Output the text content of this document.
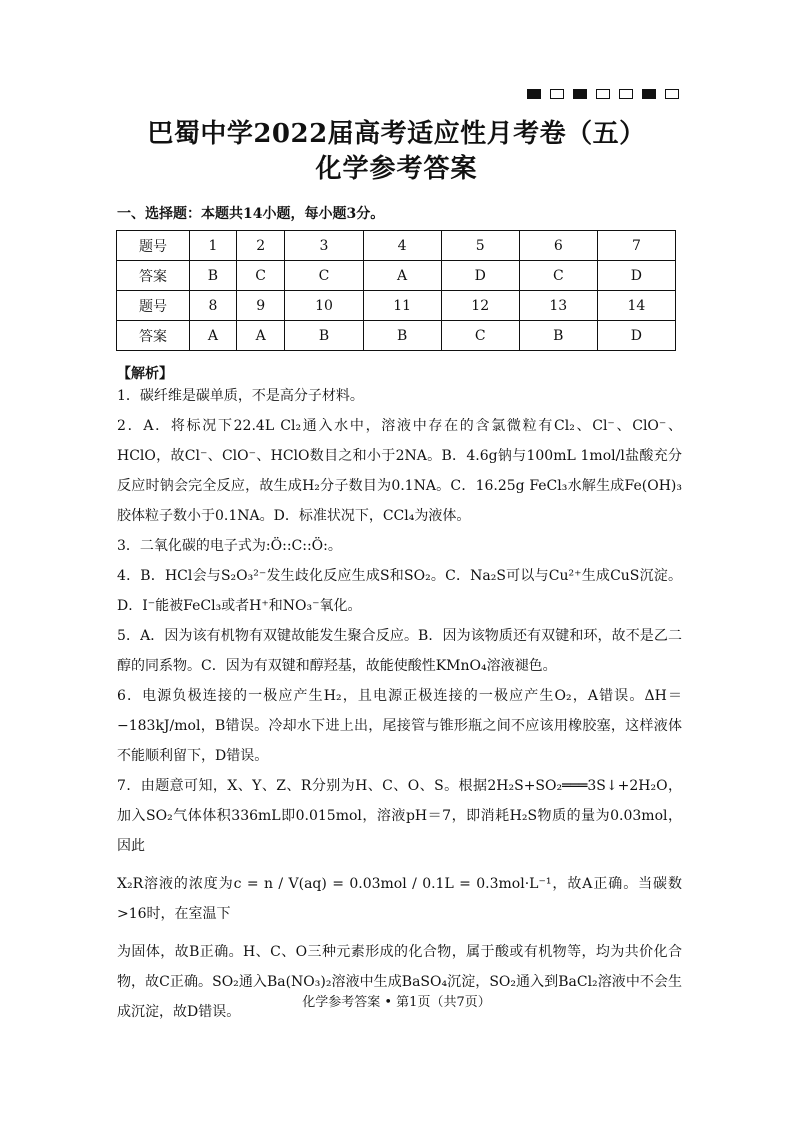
巴蜀中学2022届高考适应性月考卷（五）
化学参考答案
一、选择题：本题共14小题，每小题3分。
题号	1	2	3	4	5	6	7
答案	B	C	C	A	D	C	D
题号	8	9	10	11	12	13	14
答案	A	A	B	B	C	B	D
【解析】

1．碳纤维是碳单质，不是高分子材料。

2．A．将标况下22.4L Cl₂通入水中，溶液中存在的含氯微粒有Cl₂、Cl⁻、ClO⁻、HClO，故Cl⁻、ClO⁻、HClO数目之和小于2NA。B．4.6g钠与100mL 1mol/l盐酸充分反应时钠会完全反应，故生成H₂分子数目为0.1NA。C．16.25g FeCl₃水解生成Fe(OH)₃胶体粒子数小于0.1NA。D．标准状况下，CCl₄为液体。

3．二氧化碳的电子式为:Ö::C::Ö:。

4．B．HCl会与S₂O₃²⁻发生歧化反应生成S和SO₂。C．Na₂S可以与Cu²⁺生成CuS沉淀。D．I⁻能被FeCl₃或者H⁺和NO₃⁻氧化。

5．A．因为该有机物有双键故能发生聚合反应。B．因为该物质还有双键和环，故不是乙二醇的同系物。C．因为有双键和醇羟基，故能使酸性KMnO₄溶液褪色。

6．电源负极连接的一极应产生H₂，且电源正极连接的一极应产生O₂，A错误。ΔH＝−183kJ/mol，B错误。冷却水下进上出，尾接管与锥形瓶之间不应该用橡胶塞，这样液体不能顺利留下，D错误。

7．由题意可知，X、Y、Z、R分别为H、C、O、S。根据2H₂S+SO₂═══3S↓+2H₂O，加入SO₂气体体积336mL即0.015mol，溶液pH＝7，即消耗H₂S物质的量为0.03mol，因此

X₂R溶液的浓度为c = n / V(aq) = 0.03mol / 0.1L = 0.3mol·L⁻¹，故A正确。当碳数>16时，在室温下

为固体，故B正确。H、C、O三种元素形成的化合物，属于酸或有机物等，均为共价化合物，故C正确。SO₂通入Ba(NO₃)₂溶液中生成BaSO₄沉淀，SO₂通入到BaCl₂溶液中不会生成沉淀，故D错误。

化学参考答案 • 第1页（共7页）
